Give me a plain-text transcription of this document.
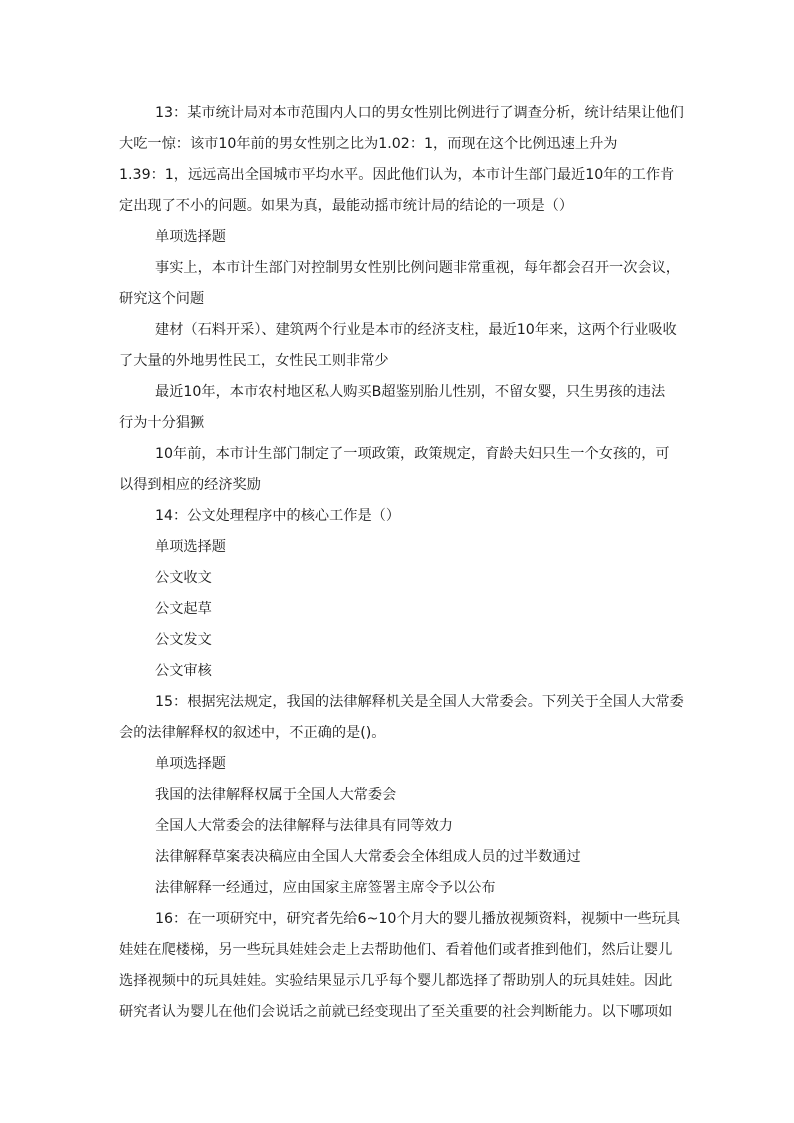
13：某市统计局对本市范围内人口的男女性别比例进行了调查分析，统计结果让他们
大吃一惊：该市10年前的男女性别之比为1.02：1，而现在这个比例迅速上升为
1.39：1，远远高出全国城市平均水平。因此他们认为，本市计生部门最近10年的工作肯
定出现了不小的问题。如果为真，最能动摇市统计局的结论的一项是（）
单项选择题
事实上，本市计生部门对控制男女性别比例问题非常重视，每年都会召开一次会议，
研究这个问题
建材（石料开采）、建筑两个行业是本市的经济支柱，最近10年来，这两个行业吸收
了大量的外地男性民工，女性民工则非常少
最近10年，本市农村地区私人购买B超鉴别胎儿性别，不留女婴，只生男孩的违法
行为十分猖獗
10年前，本市计生部门制定了一项政策，政策规定，育龄夫妇只生一个女孩的，可
以得到相应的经济奖励
14：公文处理程序中的核心工作是（）
单项选择题
公文收文
公文起草
公文发文
公文审核
15：根据宪法规定，我国的法律解释机关是全国人大常委会。下列关于全国人大常委
会的法律解释权的叙述中，不正确的是()。
单项选择题
我国的法律解释权属于全国人大常委会
全国人大常委会的法律解释与法律具有同等效力
法律解释草案表决稿应由全国人大常委会全体组成人员的过半数通过
法律解释一经通过，应由国家主席签署主席令予以公布
16：在一项研究中，研究者先给6~10个月大的婴儿播放视频资料，视频中一些玩具
娃娃在爬楼梯，另一些玩具娃娃会走上去帮助他们、看着他们或者推到他们，然后让婴儿
选择视频中的玩具娃娃。实验结果显示几乎每个婴儿都选择了帮助别人的玩具娃娃。因此
研究者认为婴儿在他们会说话之前就已经变现出了至关重要的社会判断能力。以下哪项如
